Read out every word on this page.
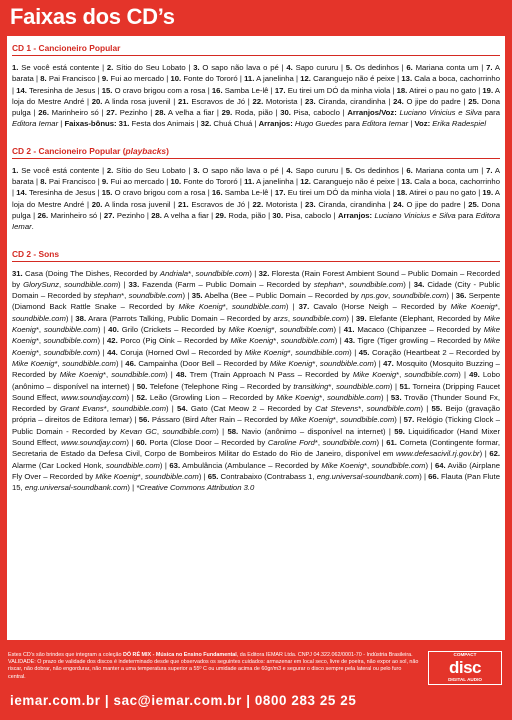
Faixas dos CD’s
CD 1 - Cancioneiro Popular
1. Se você está contente | 2. Sítio do Seu Lobato | 3. O sapo não lava o pé | 4. Sapo cururu | 5. Os dedinhos | 6. Mariana conta um | 7. A barata | 8. Pai Francisco | 9. Fui ao mercado | 10. Fonte do Tororó | 11. A janelinha | 12. Caranguejo não é peixe | 13. Cala a boca, cachorrinho | 14. Teresinha de Jesus | 15. O cravo brigou com a rosa | 16. Samba Le-lê | 17. Eu tirei um DÓ da minha viola | 18. Atirei o pau no gato | 19. A loja do Mestre André | 20. A linda rosa juvenil | 21. Escravos de Jó | 22. Motorista | 23. Ciranda, cirandinha | 24. O jipe do padre | 25. Dona pulga | 26. Marinheiro só | 27. Pezinho | 28. A velha a fiar | 29. Roda, pião | 30. Pisa, caboclo | Arranjos/Voz: Luciano Vinicius e Silva para Editora Iemar | Faixas-bônus: 31. Festa dos Animais | 32. Chuá Chuá | Arranjos: Hugo Guedes para Editora Iemar | Voz: Erika Radespiel
CD 2 - Cancioneiro Popular (playbacks)
1. Se você está contente | 2. Sítio do Seu Lobato | 3. O sapo não lava o pé | 4. Sapo cururu | 5. Os dedinhos | 6. Mariana conta um | 7. A barata | 8. Pai Francisco | 9. Fui ao mercado | 10. Fonte do Tororó | 11. A janelinha | 12. Caranguejo não é peixe | 13. Cala a boca, cachorrinho | 14. Teresinha de Jesus | 15. O cravo brigou com a rosa | 16. Samba Le-lê | 17. Eu tirei um DÓ da minha viola | 18. Atirei o pau no gato | 19. A loja do Mestre André | 20. A linda rosa juvenil | 21. Escravos de Jó | 22. Motorista | 23. Ciranda, cirandinha | 24. O jipe do padre | 25. Dona pulga | 26. Marinheiro só | 27. Pezinho | 28. A velha a fiar | 29. Roda, pião | 30. Pisa, caboclo | Arranjos: Luciano Vinicius e Silva para Editora Iemar.
CD 2 - Sons
31. Casa (Doing The Dishes, Recorded by Andriala*, soundbible.com) | 32. Floresta (Rain Forest Ambient Sound – Public Domain – Recorded by GlorySunz, soundbible.com) | 33. Fazenda (Farm – Public Domain – Recorded by stephan*, soundbible.com) | 34. Cidade (City - Public Domain – Recorded by stephan*, soundbible.com) | 35. Abelha (Bee – Public Domain – Recorded by nps.gov, soundbible.com) | 36. Serpente (Diamond Back Rattle Snake – Recorded by Mike Koenig*, soundbible.com) | 37. Cavalo (Horse Neigh – Recorded by Mike Koenig*, soundbible.com) | 38. Arara (Parrots Talking, Public Domain – Recorded by arzs, soundbible.com) | 39. Elefante (Elephant, Recorded by Mike Koenig*, soundbible.com) | 40. Grilo (Crickets – Recorded by Mike Koenig*, soundbible.com) | 41. Macaco (Chipanzee – Recorded by Mike Koenig*, soundbible.com) | 42. Porco (Pig Oink – Recorded by Mike Koenig*, soundbible.com) | 43. Tigre (Tiger growling – Recorded by Mike Koenig*, soundbible.com) | 44. Coruja (Horned Owl – Recorded by Mike Koenig*, soundbible.com) | 45. Coração (Heartbeat 2 – Recorded by Mike Koenig*, soundbible.com) | 46. Campainha (Door Bell – Recorded by Mike Koenig*, soundbible.com) | 47. Mosquito (Mosquito Buzzing – Recorded by Mike Koenig*, soundbible.com) | 48. Trem (Train Approach N Pass – Recorded by Mike Koenig*, soundbible.com) | 49. Lobo (anônimo – disponível na internet) | 50. Telefone (Telephone Ring – Recorded by transitking*, soundbible.com) | 51. Torneira (Dripping Faucet Sound Effect, www.soundjay.com) | 52. Leão (Growling Lion – Recorded by Mike Koenig*, soundbible.com) | 53. Trovão (Thunder Sound Fx, Recorded by Grant Evans*, soundbible.com) | 54. Gato (Cat Meow 2 – Recorded by Cat Stevens*, soundbible.com) | 55. Beijo (gravação própria – direitos de Editora Iemar) | 56. Pássaro (Bird After Rain – Recorded by Mike Koenig*, soundbible.com) | 57. Relógio (Ticking Clock – Public Domain - Recorded by Kevan GC, soundbible.com) | 58. Navio (anônimo – disponível na internet) | 59. Liquidificador (Hand Mixer Sound Effect, www.soundjay.com) | 60. Porta (Close Door – Recorded by Caroline Ford*, soundbible.com) | 61. Corneta (Contingente formar, Secretaria de Estado da Defesa Civil, Corpo de Bombeiros Militar do Estado do Rio de Janeiro, disponível em www.defesacivil.rj.gov.br) | 62. Alarme (Car Locked Honk, soundbible.com) | 63. Ambulância (Ambulance – Recorded by Mike Koenig*, soundbible.com) | 64. Avião (Airplane Fly Over – Recorded by Mike Koenig*, soundbible.com) | 65. Contrabaixo (Contrabass 1, eng.universal-soundbank.com) | 66. Flauta (Pan Flute 15, eng.universal-soundbank.com) | *Creative Commons Attribution 3.0
Estes CD’s são brindes que integram a coleção DÓ RÉ MIX - Música no Ensino Fundamental, da Editora IEMAR Ltda. CNPJ 04.322.062/0001-70 - Indústria Brasileira. VALIDADE: O prazo de validade dos discos é indeterminado desde que observados os seguintes cuidados: armazenar em local seco, livre de poeira, não expor ao sol, não riscar, não dobrar, não engordurar, não manter a uma temperatura superior a 55º C ou umidade acima de 60gr/m3 e segurar o disco sempre pela lateral ou pelo furo central.
COMPACT
disc
DIGITAL AUDIO
iemar.com.br | sac@iemar.com.br | 0800 283 25 25
